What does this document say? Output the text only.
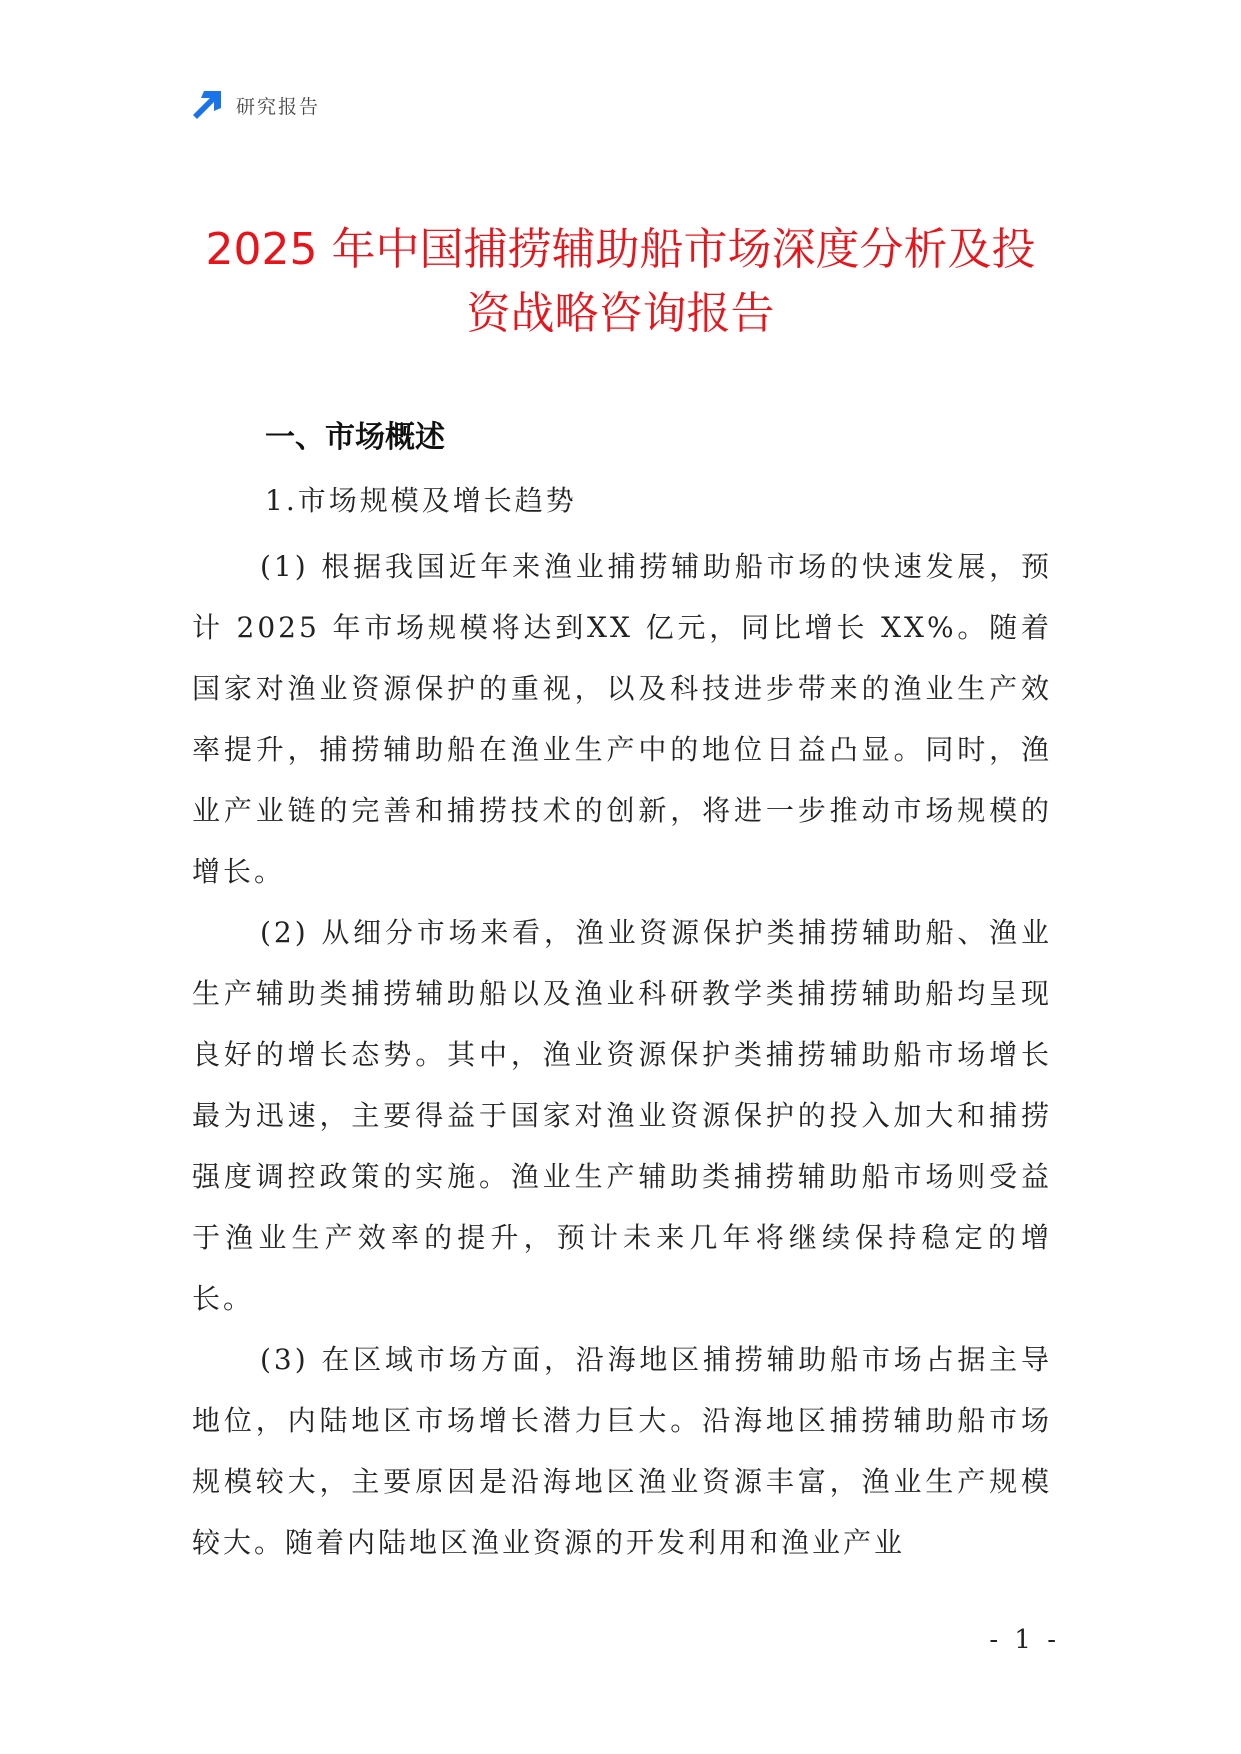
研究报告
2025 年中国捕捞辅助船市场深度分析及投
资战略咨询报告
一、市场概述
1.市场规模及增长趋势

(1) 根据我国近年来渔业捕捞辅助船市场的快速发展，预计 2025 年市场规模将达到XX 亿元，同比增长 XX%。随着国家对渔业资源保护的重视，以及科技进步带来的渔业生产效率提升，捕捞辅助船在渔业生产中的地位日益凸显。同时，渔业产业链的完善和捕捞技术的创新，将进一步推动市场规模的增长。

(2) 从细分市场来看，渔业资源保护类捕捞辅助船、渔业生产辅助类捕捞辅助船以及渔业科研教学类捕捞辅助船均呈现良好的增长态势。其中，渔业资源保护类捕捞辅助船市场增长最为迅速，主要得益于国家对渔业资源保护的投入加大和捕捞强度调控政策的实施。渔业生产辅助类捕捞辅助船市场则受益于渔业生产效率的提升，预计未来几年将继续保持稳定的增长。

(3) 在区域市场方面，沿海地区捕捞辅助船市场占据主导地位，内陆地区市场增长潜力巨大。沿海地区捕捞辅助船市场规模较大，主要原因是沿海地区渔业资源丰富，渔业生产规模较大。随着内陆地区渔业资源的开发利用和渔业产业

- 1 -
